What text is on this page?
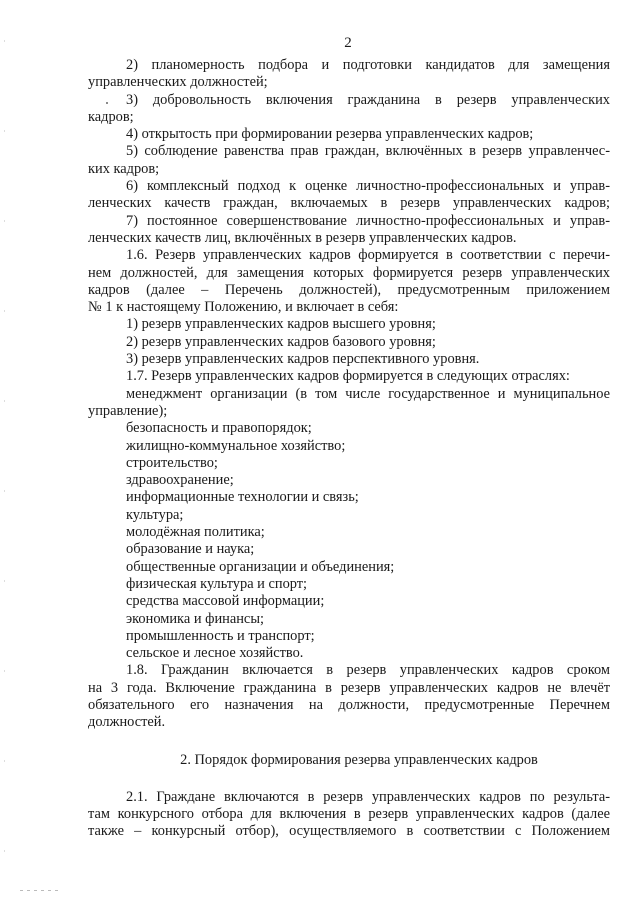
2
2) планомерность подбора и подготовки кандидатов для замещения
управленческих должностей;
3) добровольность включения гражданина в резерв управленческих
кадров;
4) открытость при формировании резерва управленческих кадров;
5) соблюдение равенства прав граждан, включённых в резерв управленчес-
ких кадров;
6) комплексный подход к оценке личностно-профессиональных и управ-
ленческих качеств граждан, включаемых в резерв управленческих кадров;
7) постоянное совершенствование личностно-профессиональных и управ-
ленческих качеств лиц, включённых в резерв управленческих кадров.
1.6. Резерв управленческих кадров формируется в соответствии с перечи-
нем должностей, для замещения которых формируется резерв управленческих
кадров (далее – Перечень должностей), предусмотренным приложением
№ 1 к настоящему Положению, и включает в себя:
1) резерв управленческих кадров высшего уровня;
2) резерв управленческих кадров базового уровня;
3) резерв управленческих кадров перспективного уровня.
1.7. Резерв управленческих кадров формируется в следующих отраслях:
менеджмент организации (в том числе государственное и муниципальное
управление);
безопасность и правопорядок;
жилищно-коммунальное хозяйство;
строительство;
здравоохранение;
информационные технологии и связь;
культура;
молодёжная политика;
образование и наука;
общественные организации и объединения;
физическая культура и спорт;
средства массовой информации;
экономика и финансы;
промышленность и транспорт;
сельское и лесное хозяйство.
1.8. Гражданин включается в резерв управленческих кадров сроком
на 3 года. Включение гражданина в резерв управленческих кадров не влечёт
обязательного его назначения на должности, предусмотренные Перечнем
должностей.
2. Порядок формирования резерва управленческих кадров
2.1. Граждане включаются в резерв управленческих кадров по результа-
там конкурсного отбора для включения в резерв управленческих кадров (далее
также – конкурсный отбор), осуществляемого в соответствии с Положением
